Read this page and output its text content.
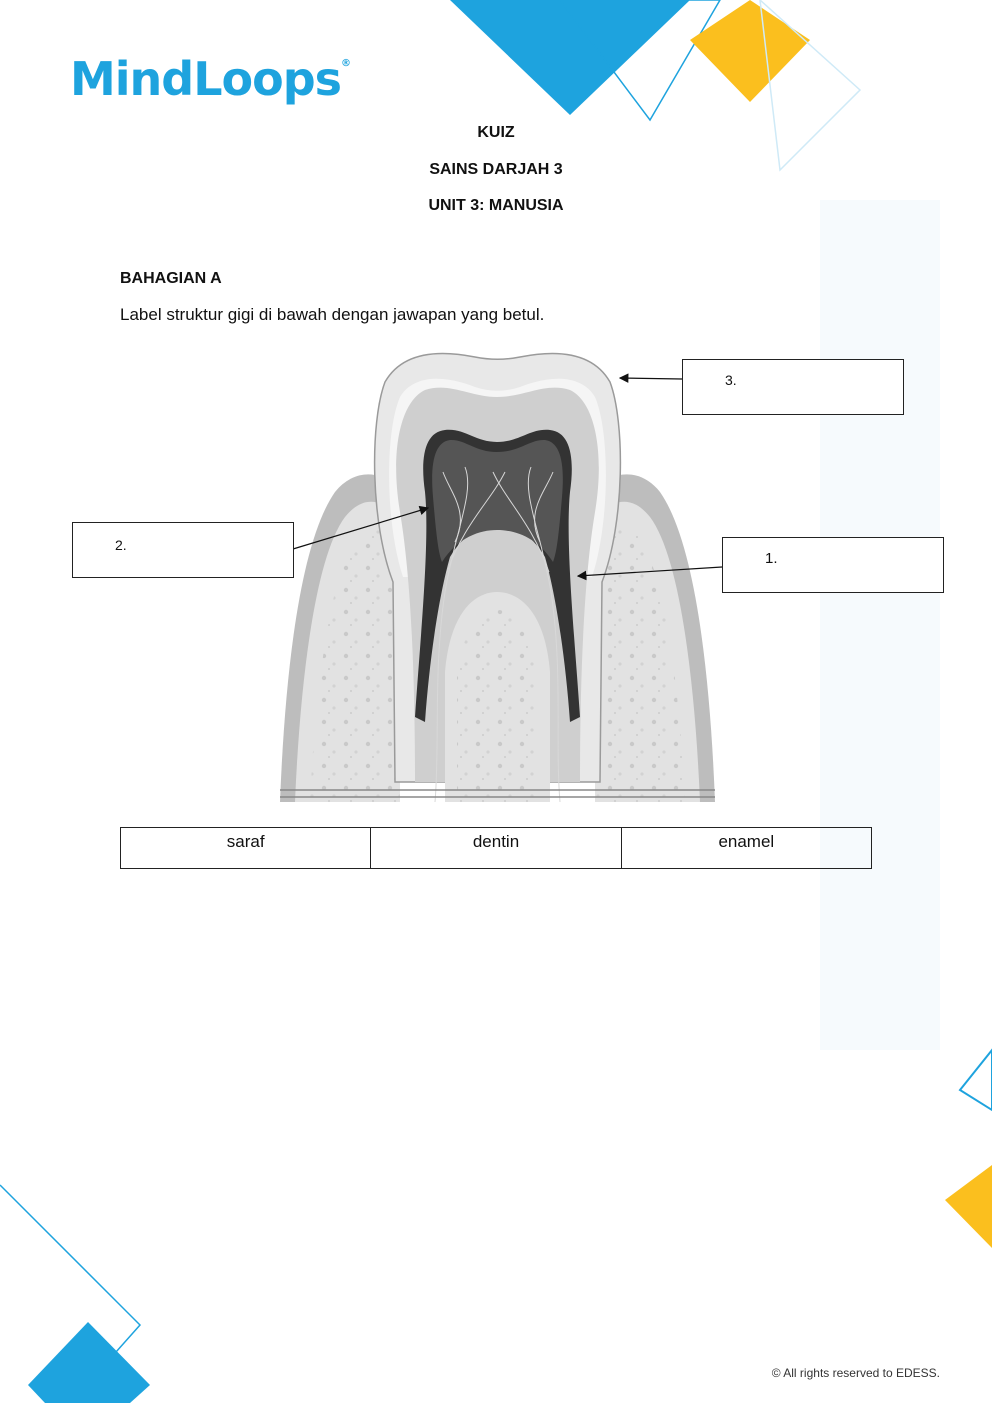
MindLoops®
KUIZ
SAINS DARJAH 3
UNIT 3: MANUSIA
BAHAGIAN A
Label struktur gigi di bawah dengan jawapan yang betul.
3.
2.
1.
saraf	dentin	enamel
© All rights reserved to EDESS.
